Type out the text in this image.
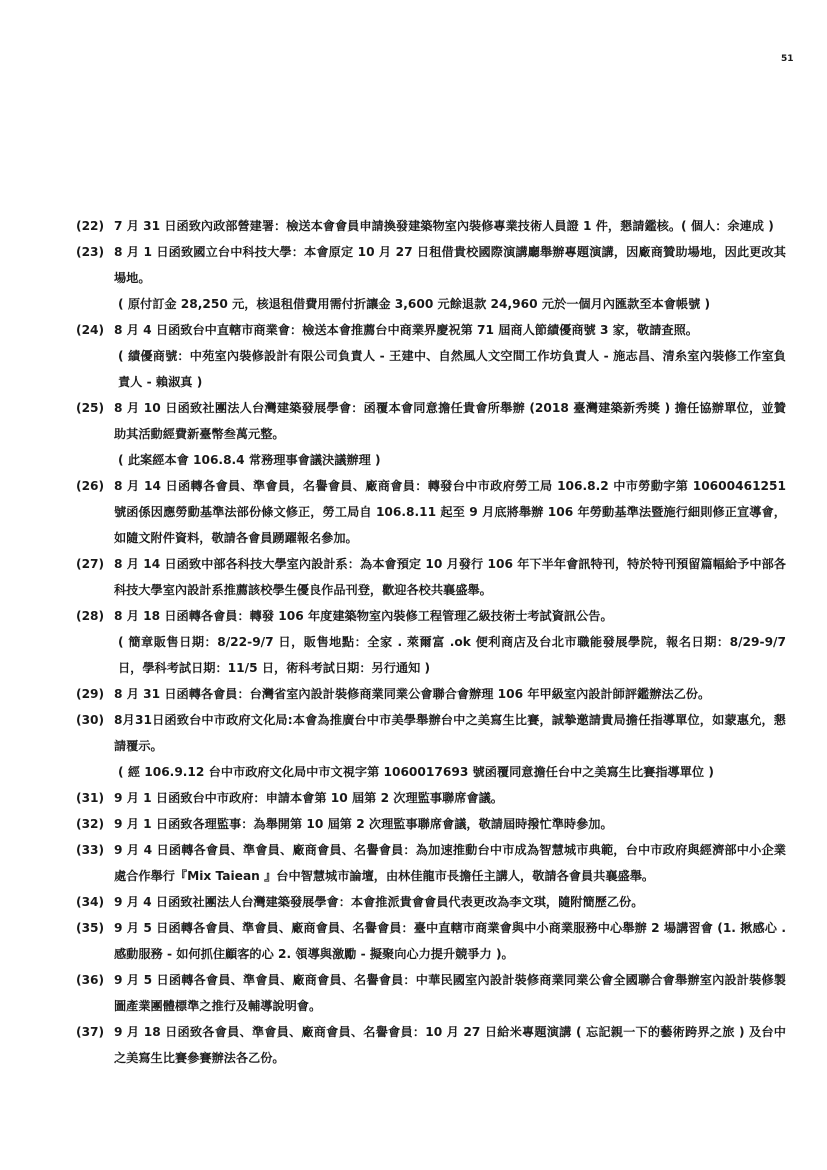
51
(22) 7 月 31 日函致內政部營建署：檢送本會會員申請換發建築物室內裝修專業技術人員證 1 件，懇請鑑核。( 個人：余連成 )
(23) 8 月 1 日函致國立台中科技大學：本會原定 10 月 27 日租借貴校國際演講廳舉辦專題演講，因廠商贊助場地，因此更改其場地。
( 原付訂金 28,250 元，核退租借費用需付折讓金 3,600 元餘退款 24,960 元於一個月內匯款至本會帳號 )
(24) 8 月 4 日函致台中直轄市商業會：檢送本會推薦台中商業界慶祝第 71 屆商人節績優商號 3 家，敬請查照。
( 績優商號：中苑室內裝修設計有限公司負責人 - 王建中、自然風人文空間工作坊負責人 - 施志昌、清糸室內裝修工作室負責人 - 賴淑真 )
(25) 8 月 10 日函致社團法人台灣建築發展學會：函覆本會同意擔任貴會所舉辦 (2018 臺灣建築新秀獎 ) 擔任協辦單位，並贊助其活動經費新臺幣叁萬元整。
( 此案經本會 106.8.4 常務理事會議決議辦理 )
(26) 8 月 14 日函轉各會員、準會員，名譽會員、廠商會員：轉發台中市政府勞工局 106.8.2 中市勞動字第 10600461251 號函係因應勞動基準法部份條文修正，勞工局自 106.8.11 起至 9 月底將舉辦 106 年勞動基準法暨施行細則修正宣導會，如隨文附件資料，敬請各會員踴躍報名參加。
(27) 8 月 14 日函致中部各科技大學室內設計系：為本會預定 10 月發行 106 年下半年會訊特刊，特於特刊預留篇幅給予中部各科技大學室內設計系推薦該校學生優良作品刊登，歡迎各校共襄盛舉。
(28) 8 月 18 日函轉各會員：轉發 106 年度建築物室內裝修工程管理乙級技術士考試資訊公告。
( 簡章販售日期：8/22-9/7 日，販售地點：全家 . 萊爾富 .ok 便利商店及台北市職能發展學院，報名日期：8/29-9/7 日，學科考試日期：11/5 日，術科考試日期：另行通知 )
(29) 8 月 31 日函轉各會員：台灣省室內設計裝修商業同業公會聯合會辦理 106 年甲級室內設計師評鑑辦法乙份。
(30) 8月31日函致台中市政府文化局:本會為推廣台中市美學舉辦台中之美寫生比賽，誠摯邀請貴局擔任指導單位，如蒙惠允，懇請覆示。
( 經 106.9.12 台中市政府文化局中市文視字第 1060017693 號函覆同意擔任台中之美寫生比賽指導單位 )
(31) 9 月 1 日函致台中市政府：申請本會第 10 屆第 2 次理監事聯席會議。
(32) 9 月 1 日函致各理監事：為舉開第 10 屆第 2 次理監事聯席會議，敬請屆時撥忙準時參加。
(33) 9 月 4 日函轉各會員、準會員、廠商會員、名譽會員：為加速推動台中市成為智慧城市典範，台中市政府與經濟部中小企業處合作舉行『Mix Taiean 』台中智慧城市論壇，由林佳龍市長擔任主講人，敬請各會員共襄盛舉。
(34) 9 月 4 日函致社團法人台灣建築發展學會：本會推派貴會會員代表更改為李文琪，隨附簡歷乙份。
(35) 9 月 5 日函轉各會員、準會員、廠商會員、名譽會員：臺中直轄市商業會與中小商業服務中心舉辦 2 場講習會 (1. 揪感心 . 感動服務 - 如何抓住顧客的心 2. 領導與激勵 - 擬聚向心力提升競爭力 )。
(36) 9 月 5 日函轉各會員、準會員、廠商會員、名譽會員：中華民國室內設計裝修商業同業公會全國聯合會舉辦室內設計裝修製圖產業團體標準之推行及輔導說明會。
(37) 9 月 18 日函致各會員、準會員、廠商會員、名譽會員：10 月 27 日給米專題演講 ( 忘記親一下的藝術跨界之旅 ) 及台中之美寫生比賽參賽辦法各乙份。
